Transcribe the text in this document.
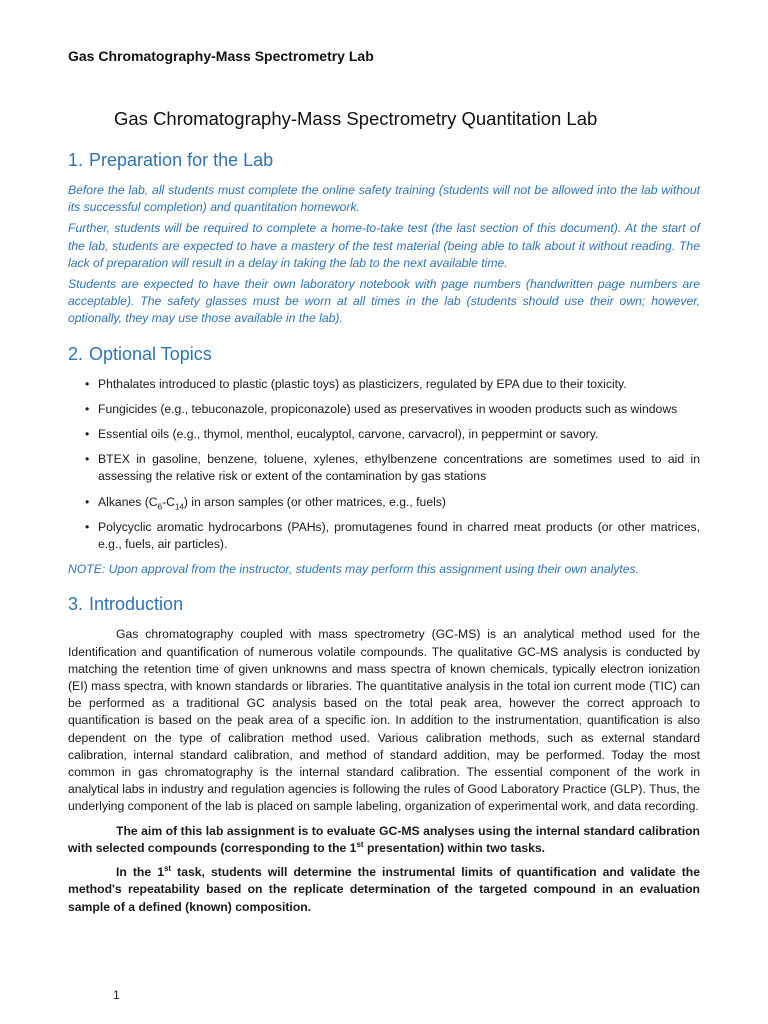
Gas Chromatography-Mass Spectrometry Lab
Gas Chromatography-Mass Spectrometry Quantitation Lab
1. Preparation for the Lab

Before the lab, all students must complete the online safety training (students will not be allowed into the lab without its successful completion) and quantitation homework.

Further, students will be required to complete a home-to-take test (the last section of this document). At the start of the lab, students are expected to have a mastery of the test material (being able to talk about it without reading. The lack of preparation will result in a delay in taking the lab to the next available time.

Students are expected to have their own laboratory notebook with page numbers (handwritten page numbers are acceptable). The safety glasses must be worn at all times in the lab (students should use their own; however, optionally, they may use those available in the lab).

2. Optional Topics
• Phthalates introduced to plastic (plastic toys) as plasticizers, regulated by EPA due to their toxicity.
• Fungicides (e.g., tebuconazole, propiconazole) used as preservatives in wooden products such as windows
• Essential oils (e.g., thymol, menthol, eucalyptol, carvone, carvacrol), in peppermint or savory.
• BTEX in gasoline, benzene, toluene, xylenes, ethylbenzene concentrations are sometimes used to aid in assessing the relative risk or extent of the contamination by gas stations
• Alkanes $(C_6-C_{14})$ in arson samples (or other matrices, e.g., fuels)
• Polycyclic aromatic hydrocarbons (PAHs), promutagenes found in charred meat products (or other matrices, e.g., fuels, air particles).

NOTE: Upon approval from the instructor, students may perform this assignment using their own analytes.

3. Introduction

Gas chromatography coupled with mass spectrometry (GC-MS) is an analytical method used for the Identification and quantification of numerous volatile compounds. The qualitative GC-MS analysis is conducted by matching the retention time of given unknowns and mass spectra of known chemicals, typically electron ionization (EI) mass spectra, with known standards or libraries. The quantitative analysis in the total ion current mode (TIC) can be performed as a traditional GC analysis based on the total peak area, however the correct approach to quantification is based on the peak area of a specific ion. In addition to the instrumentation, quantification is also dependent on the type of calibration method used. Various calibration methods, such as external standard calibration, internal standard calibration, and method of standard addition, may be performed. Today the most common in gas chromatography is the internal standard calibration. The essential component of the work in analytical labs in industry and regulation agencies is following the rules of Good Laboratory Practice (GLP). Thus, the underlying component of the lab is placed on sample labeling, organization of experimental work, and data recording.

The aim of this lab assignment is to evaluate GC-MS analyses using the internal standard calibration with selected compounds (corresponding to the 1st presentation) within two tasks.

In the 1st task, students will determine the instrumental limits of quantification and validate the method's repeatability based on the replicate determination of the targeted compound in an evaluation sample of a defined (known) composition.

1
